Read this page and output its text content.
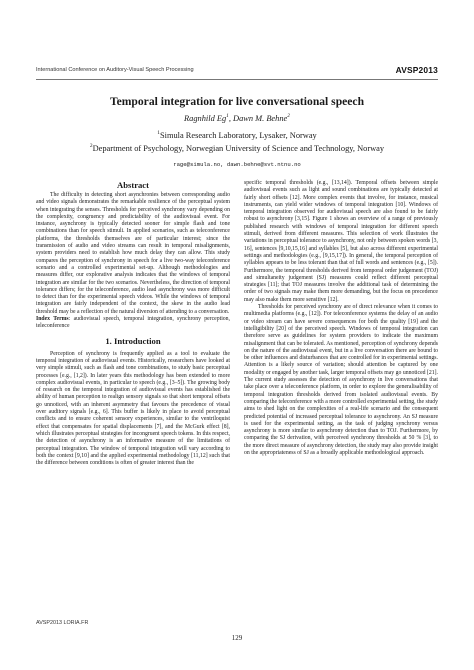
International Conference on Auditory-Visual Speech Processing	AVSP2013
Temporal integration for live conversational speech
Ragnhild Eg$^1$, Dawn M. Behne$^2$
$^1$Simula Research Laboratory, Lysaker, Norway
$^2$Department of Psychology, Norwegian University of Science and Technology, Norway
rage@simula.no, dawn.behne@svt.ntnu.no
Abstract

The difficulty in detecting short asynchronies between corresponding audio and video signals demonstrates the remarkable resilience of the perceptual system when integrating the senses. Thresholds for perceived synchrony vary depending on the complexity, congruency and predictability of the audiovisual event. For instance, asynchrony is typically detected sooner for simple flash and tone combinations than for speech stimuli. In applied scenarios, such as teleconference platforms, the thresholds themselves are of particular interest; since the transmission of audio and video streams can result in temporal misalignments, system providers need to establish how much delay they can allow. This study compares the perception of synchrony in speech for a live two-way teleconference scenario and a controlled experimental set-up. Although methodologies and measures differ, our explorative analysis indicates that the windows of temporal integration are similar for the two scenarios. Nevertheless, the direction of temporal tolerance differs; for the teleconference, audio lead asynchrony was more difficult to detect than for the experimental speech videos. While the windows of temporal integration are fairly independent of the context, the skew in the audio lead threshold may be a reflection of the natural diversion of attending to a conversation.

Index Terms: audiovisual speech, temporal integration, synchrony perception, teleconference

1. Introduction

Perception of synchrony is frequently applied as a tool to evaluate the temporal integration of audiovisual events. Historically, researchers have looked at very simple stimuli, such as flash and tone combinations, to study basic perceptual processes [e.g., [1,2]). In later years this methodology has been extended to more complex audiovisual events, in particular to speech (e.g., [3–5]). The growing body of research on the temporal integration of audiovisual events has established the ability of human perception to realign sensory signals so that short temporal offsets go unnoticed, with an inherent asymmetry that favours the precedence of visual over auditory signals [e.g., 6]. This buffer is likely in place to avoid perceptual conflicts and to ensure coherent sensory experiences, similar to the ventriloquist effect that compensates for spatial displacements [7], and the McGurk effect [8], which illustrates perceptual strategies for incongruent speech tokens. In this respect, the detection of asynchrony is an informative measure of the limitations of perceptual integration. The window of temporal integration will vary according to both the context [9,10] and the applied experimental methodology [11,12] such that the difference between conditions is often of greater interest than the

specific temporal thresholds (e.g., [13,14]). Temporal offsets between simple audiovisual events such as light and sound combinations are typically detected at fairly short offsets [12]. More complex events that involve, for instance, musical instruments, can yield wider windows of temporal integration [10]. Windows of temporal integration observed for audiovisual speech are also found to be fairly robust to asynchrony [3,15]. Figure 1 shows an overview of a range of previously published research with windows of temporal integration for different speech stimuli, derived from different measures. This selection of work illustrates the variations in perceptual tolerance to asynchrony, not only between spoken words [3, 16], sentences [9,10,15,16] and syllables [5], but also across different experimental settings and methodologies (e.g., [9,15,17]). In general, the temporal perception of syllables appears to be less tolerant than that of full words and sentences (e.g., [5]). Furthermore, the temporal thresholds derived from temporal order judgement (TOJ) and simultaneity judgement (SJ) measures could reflect different perceptual strategies [11]; that TOJ measures involve the additional task of determining the order of two signals may make them more demanding, but the focus on precedence may also make them more sensitive [12].

Thresholds for perceived synchrony are of direct relevance when it comes to multimedia platforms (e.g., [12]). For teleconference systems the delay of an audio or video stream can have severe consequences for both the quality [19] and the intelligibility [20] of the perceived speech. Windows of temporal integration can therefore serve as guidelines for system providers to indicate the maximum misalignment that can be tolerated. As mentioned, perception of synchrony depends on the nature of the audiovisual event, but in a live conversation there are bound to be other influences and disturbances that are controlled for in experimental settings. Attention is a likely source of variation; should attention be captured by one modality or engaged by another task, larger temporal offsets may go unnoticed [21]. The current study assesses the detection of asynchrony in live conversations that take place over a teleconference platform, in order to explore the generalisability of temporal integration thresholds derived from isolated audiovisual events. By comparing the teleconference with a more controlled experimental setting, the study aims to shed light on the complexities of a real-life scenario and the consequent predicted potential of increased perceptual tolerance to asynchrony. An SJ measure is used for the experimental setting, as the task of judging synchrony versus asynchrony is more similar to asynchrony detection than to TOJ. Furthermore, by comparing the SJ derivation, with perceived synchrony thresholds at 50 % [3], to the more direct measure of asynchrony detection, the study may also provide insight on the appropriateness of SJ as a broadly applicable methodological approach.

AVSP2013 LORIA.FR
129
